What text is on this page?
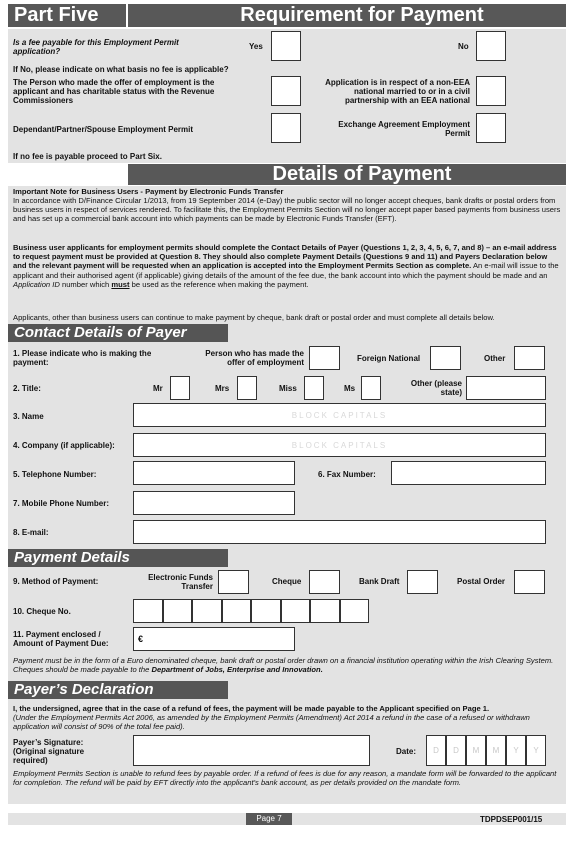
Part Five	Requirement for Payment
Is a fee payable for this Employment Permit application?
Yes	No
If No, please indicate on what basis no fee is applicable?
The Person who made the offer of employment is the applicant and has charitable status with the Revenue Commissioners
Application is in respect of a non-EEA national married to or in a civil partnership with an EEA national
Dependant/Partner/Spouse Employment Permit
Exchange Agreement Employment Permit
If no fee is payable proceed to Part Six.
Details of Payment
Important Note for Business Users - Payment by Electronic Funds Transfer
In accordance with D/Finance Circular 1/2013, from 19 September 2014 (e-Day) the public sector will no longer accept cheques, bank drafts or postal orders from business users in respect of services rendered. To facilitate this, the Employment Permits Section will no longer accept paper based payments from business users and has set up a commercial bank account into which payments can be made by Electronic Funds Transfer (EFT).
Business user applicants for employment permits should complete the Contact Details of Payer (Questions 1, 2, 3, 4, 5, 6, 7, and 8) – an e-mail address to request payment must be provided at Question 8. They should also complete Payment Details (Questions 9 and 11) and Payers Declaration below and the relevant payment will be requested when an application is accepted into the Employment Permits Section as complete. An e-mail will issue to the applicant and their authorised agent (if applicable) giving details of the amount of the fee due, the bank account into which the payment should be made and an Application ID number which must be used as the reference when making the payment.
Applicants, other than business users can continue to make payment by cheque, bank draft or postal order and must complete all details below.
Contact Details of Payer
1. Please indicate who is making the payment:
Person who has made the offer of employment	Foreign National	Other
2. Title:	Mr	Mrs	Miss	Ms
Other (please state)
3. Name	BLOCK CAPITALS
4. Company (if applicable):	BLOCK CAPITALS
5. Telephone Number:	6. Fax Number:
7. Mobile Phone Number:
8. E-mail:
Payment Details
9. Method of Payment:	Electronic Funds Transfer
Cheque	Bank Draft	Postal Order
10. Cheque No.
11. Payment enclosed / Amount of Payment Due:	€
Payment must be in the form of a Euro denominated cheque, bank draft or postal order drawn on a financial institution operating within the Irish Clearing System. Cheques should be made payable to the Department of Jobs, Enterprise and Innovation.
Payer’s Declaration
I, the undersigned, agree that in the case of a refund of fees, the payment will be made payable to the Applicant specified on Page 1.
(Under the Employment Permits Act 2006, as amended by the Employment Permits (Amendment) Act 2014 a refund in the case of a refused or withdrawn application will consist of 90% of the total fee paid).
Payer’s Signature: (Original signature required)
Date:	D	D	M	M	Y	Y
Employment Permits Section is unable to refund fees by payable order. If a refund of fees is due for any reason, a mandate form will be forwarded to the applicant for completion. The refund will be paid by EFT directly into the applicant's bank account, as per details provided on the mandate form.
Page 7	TDPDSEP001/15
